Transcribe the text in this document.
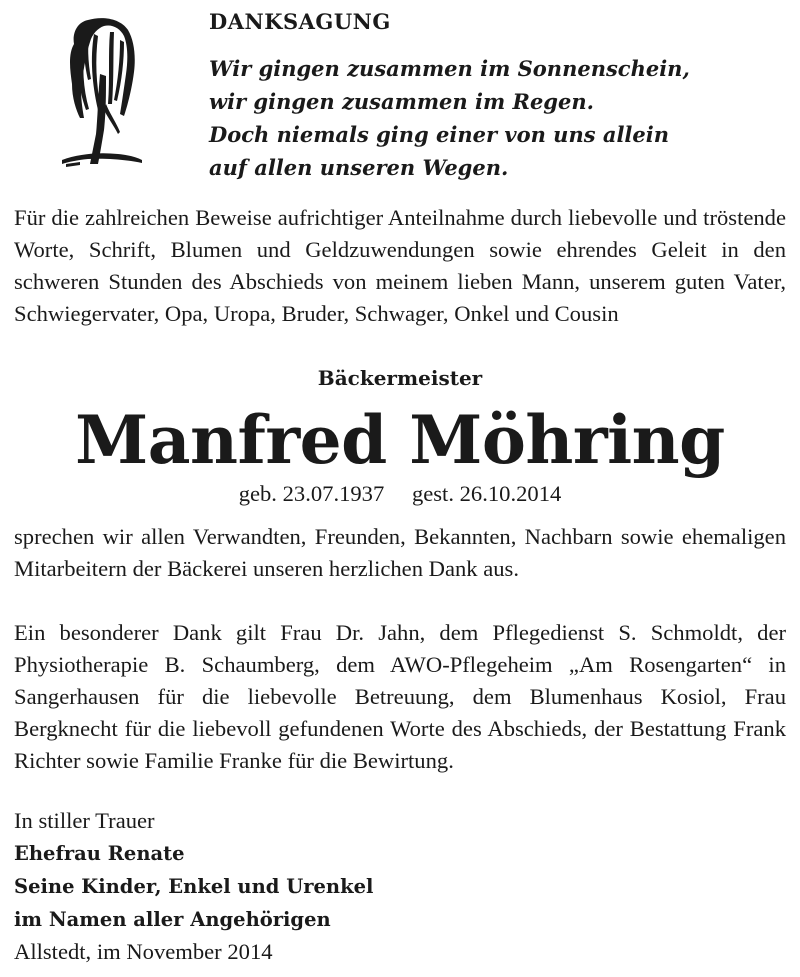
DANKSAGUNG
Wir gingen zusammen im Sonnenschein,
wir gingen zusammen im Regen.
Doch niemals ging einer von uns allein
auf allen unseren Wegen.

Für die zahlreichen Beweise aufrichtiger Anteilnahme durch liebevolle und tröstende Worte, Schrift, Blumen und Geldzuwendungen sowie ehrendes Geleit in den schweren Stunden des Abschieds von meinem lieben Mann, unserem guten Vater, Schwiegervater, Opa, Uropa, Bruder, Schwager, Onkel und Cousin

Bäckermeister
Manfred Möhring
geb. 23.07.1937 gest. 26.10.2014

sprechen wir allen Verwandten, Freunden, Bekannten, Nachbarn sowie ehemaligen Mitarbeitern der Bäckerei unseren herzlichen Dank aus.

Ein besonderer Dank gilt Frau Dr. Jahn, dem Pflegedienst S. Schmoldt, der Physiotherapie B. Schaumberg, dem AWO-Pflegeheim „Am Rosengarten“ in Sangerhausen für die liebevolle Betreuung, dem Blumenhaus Kosiol, Frau Bergknecht für die liebevoll gefundenen Worte des Abschieds, der Bestattung Frank Richter sowie Familie Franke für die Bewirtung.

In stiller Trauer
Ehefrau Renate
Seine Kinder, Enkel und Urenkel
im Namen aller Angehörigen

Allstedt, im November 2014
